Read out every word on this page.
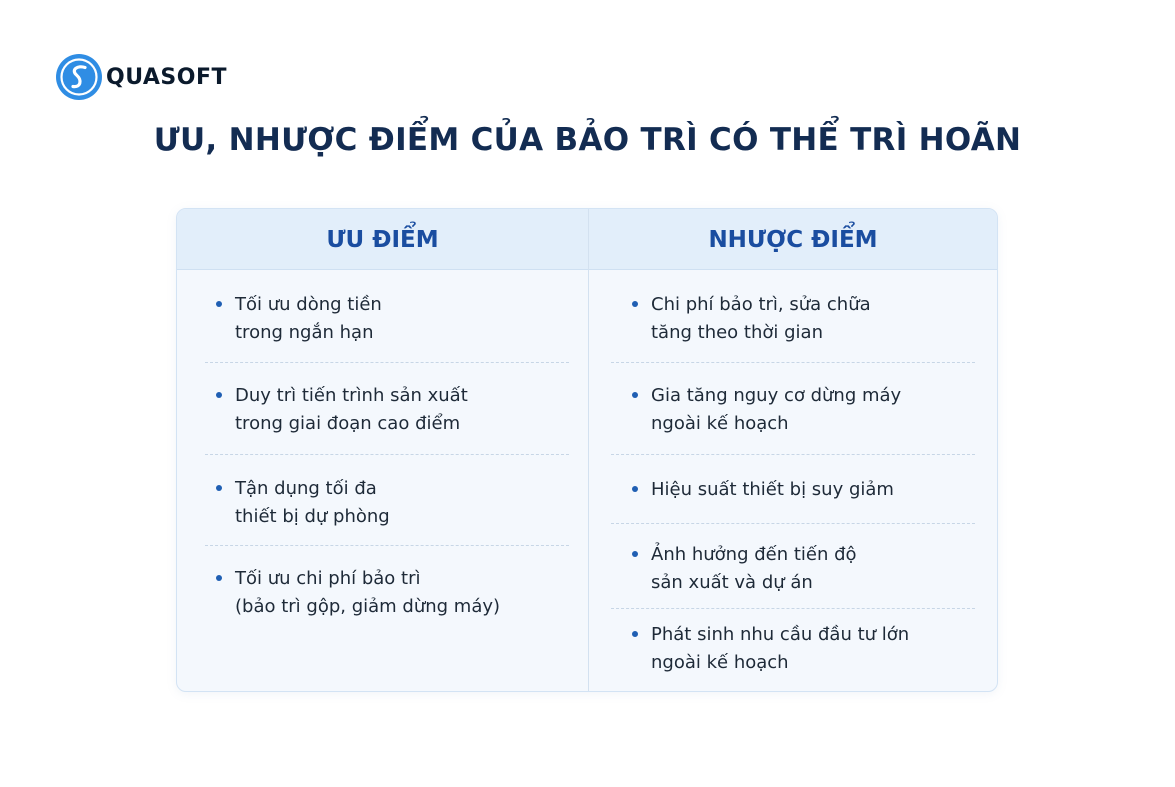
QUASOFT
ƯU, NHƯỢC ĐIỂM CỦA BẢO TRÌ CÓ THỂ TRÌ HOÃN
ƯU ĐIỂM	NHƯỢC ĐIỂM
Tối ưu dòng tiền
trong ngắn hạn
Duy trì tiến trình sản xuất
trong giai đoạn cao điểm
Tận dụng tối đa
thiết bị dự phòng
Tối ưu chi phí bảo trì
(bảo trì gộp, giảm dừng máy)
Chi phí bảo trì, sửa chữa
tăng theo thời gian
Gia tăng nguy cơ dừng máy
ngoài kế hoạch
Hiệu suất thiết bị suy giảm
Ảnh hưởng đến tiến độ
sản xuất và dự án
Phát sinh nhu cầu đầu tư lớn
ngoài kế hoạch
